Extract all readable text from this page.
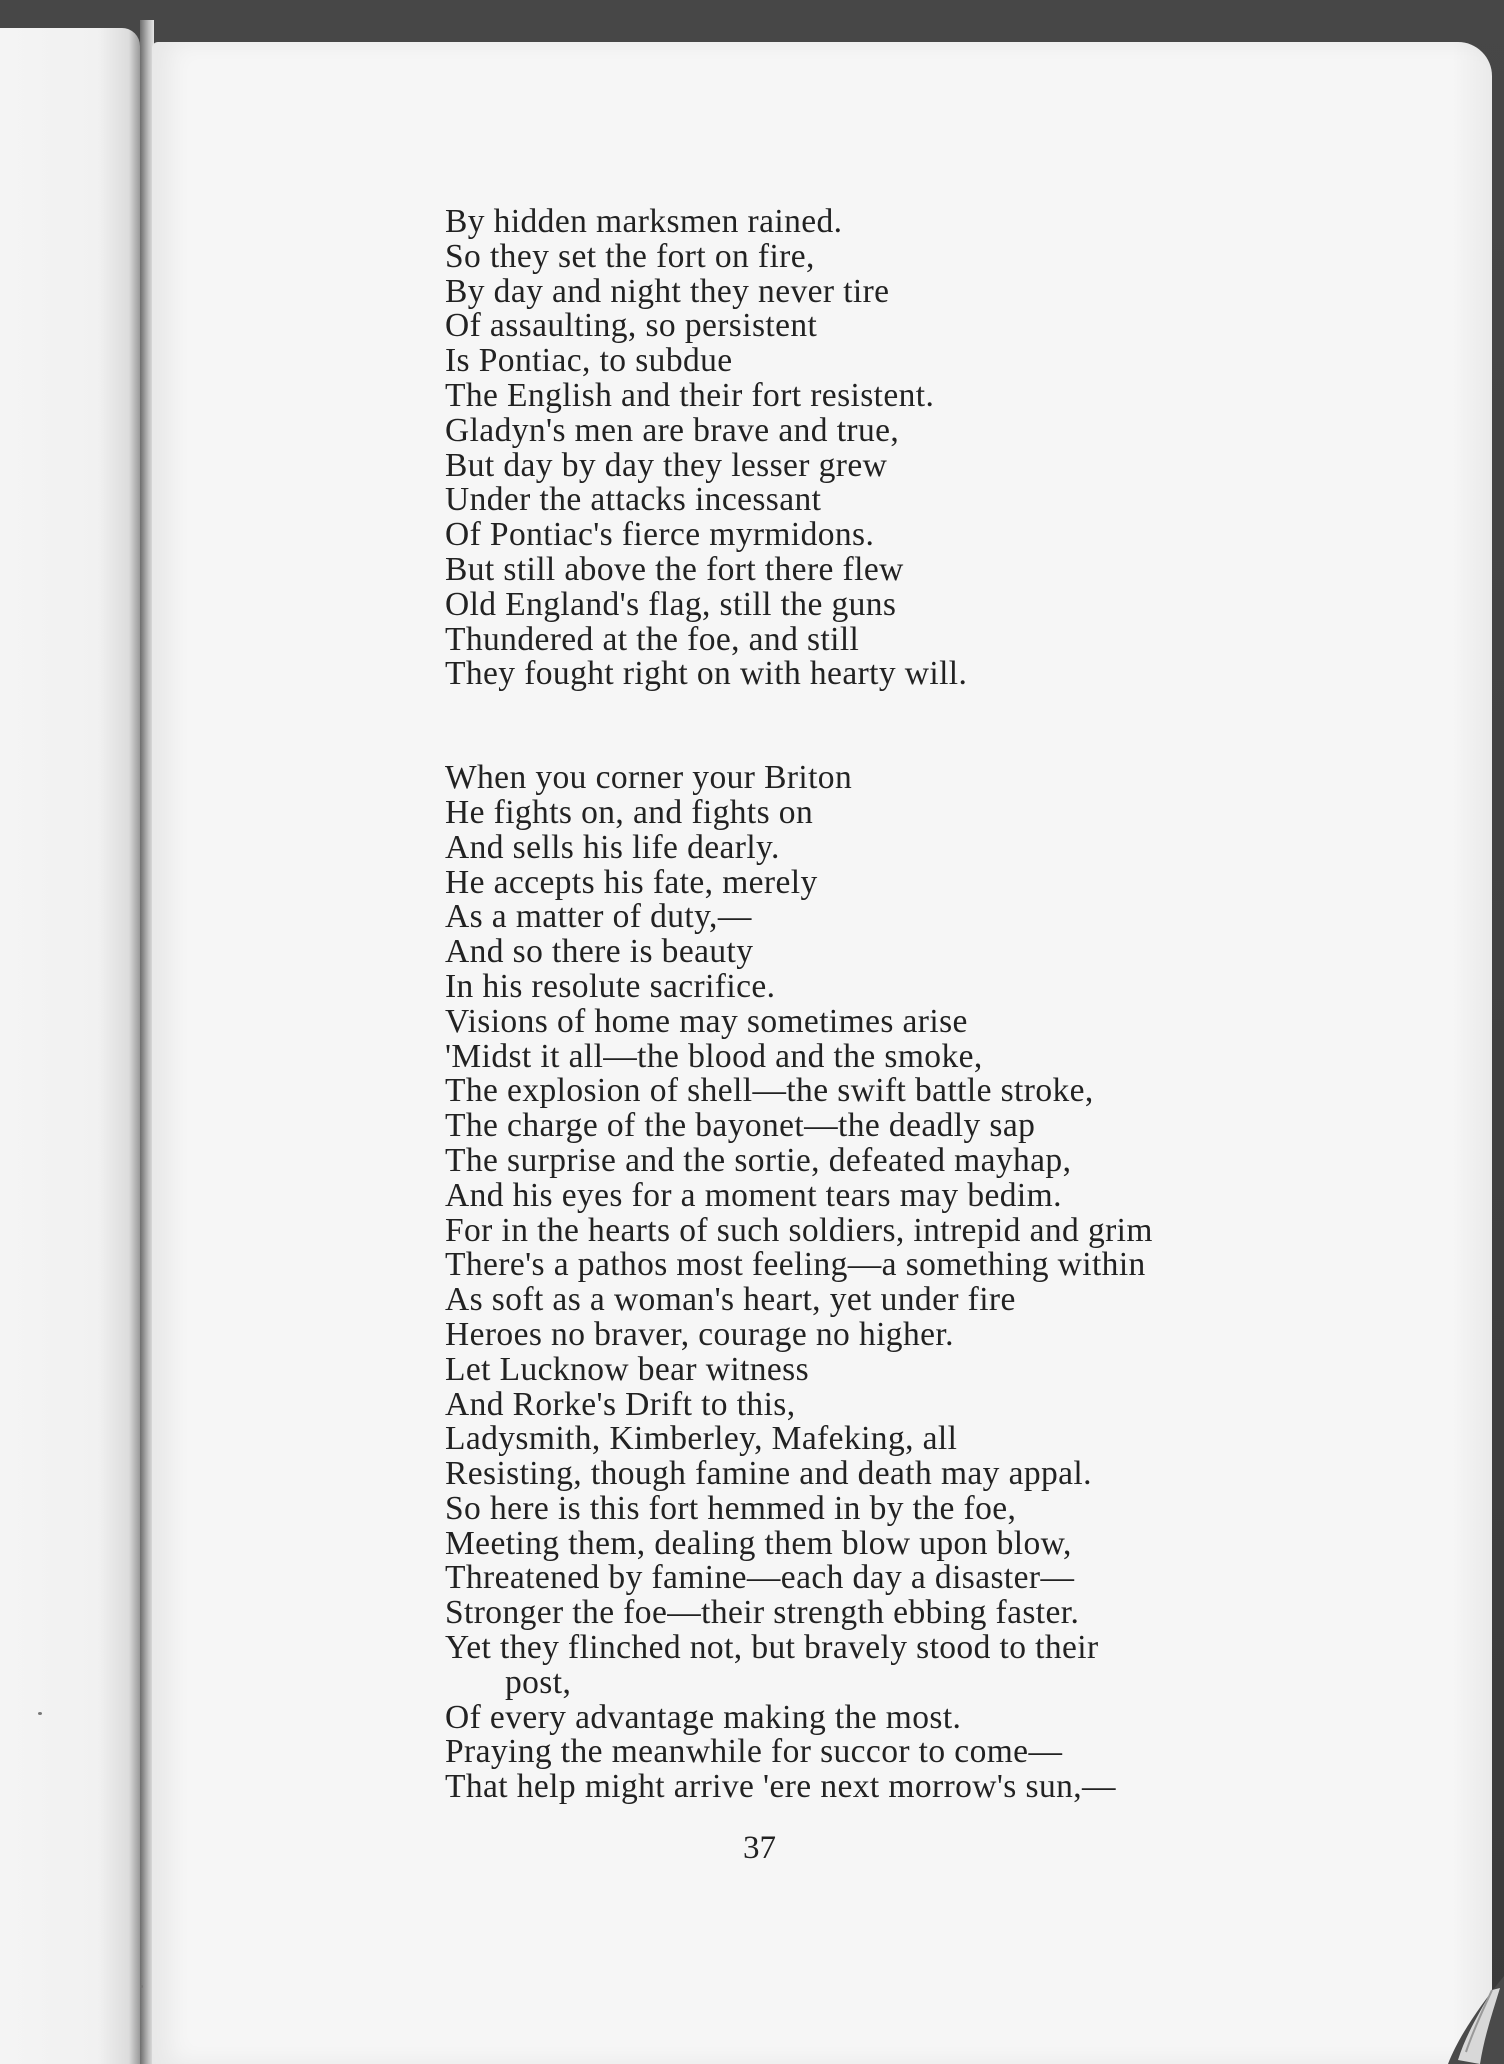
By hidden marksmen rained.
So they set the fort on fire,
By day and night they never tire
Of assaulting, so persistent
Is Pontiac, to subdue
The English and their fort resistent.
Gladyn's men are brave and true,
But day by day they lesser grew
Under the attacks incessant
Of Pontiac's fierce myrmidons.
But still above the fort there flew
Old England's flag, still the guns
Thundered at the foe, and still
They fought right on with hearty will.
When you corner your Briton
He fights on, and fights on
And sells his life dearly.
He accepts his fate, merely
As a matter of duty,—
And so there is beauty
In his resolute sacrifice.
Visions of home may sometimes arise
'Midst it all—the blood and the smoke,
The explosion of shell—the swift battle stroke,
The charge of the bayonet—the deadly sap
The surprise and the sortie, defeated mayhap,
And his eyes for a moment tears may bedim.
For in the hearts of such soldiers, intrepid and grim
There's a pathos most feeling—a something within
As soft as a woman's heart, yet under fire
Heroes no braver, courage no higher.
Let Lucknow bear witness
And Rorke's Drift to this,
Ladysmith, Kimberley, Mafeking, all
Resisting, though famine and death may appal.
So here is this fort hemmed in by the foe,
Meeting them, dealing them blow upon blow,
Threatened by famine—each day a disaster—
Stronger the foe—their strength ebbing faster.
Yet they flinched not, but bravely stood to their
post,
Of every advantage making the most.
Praying the meanwhile for succor to come—
That help might arrive 'ere next morrow's sun,—
37
